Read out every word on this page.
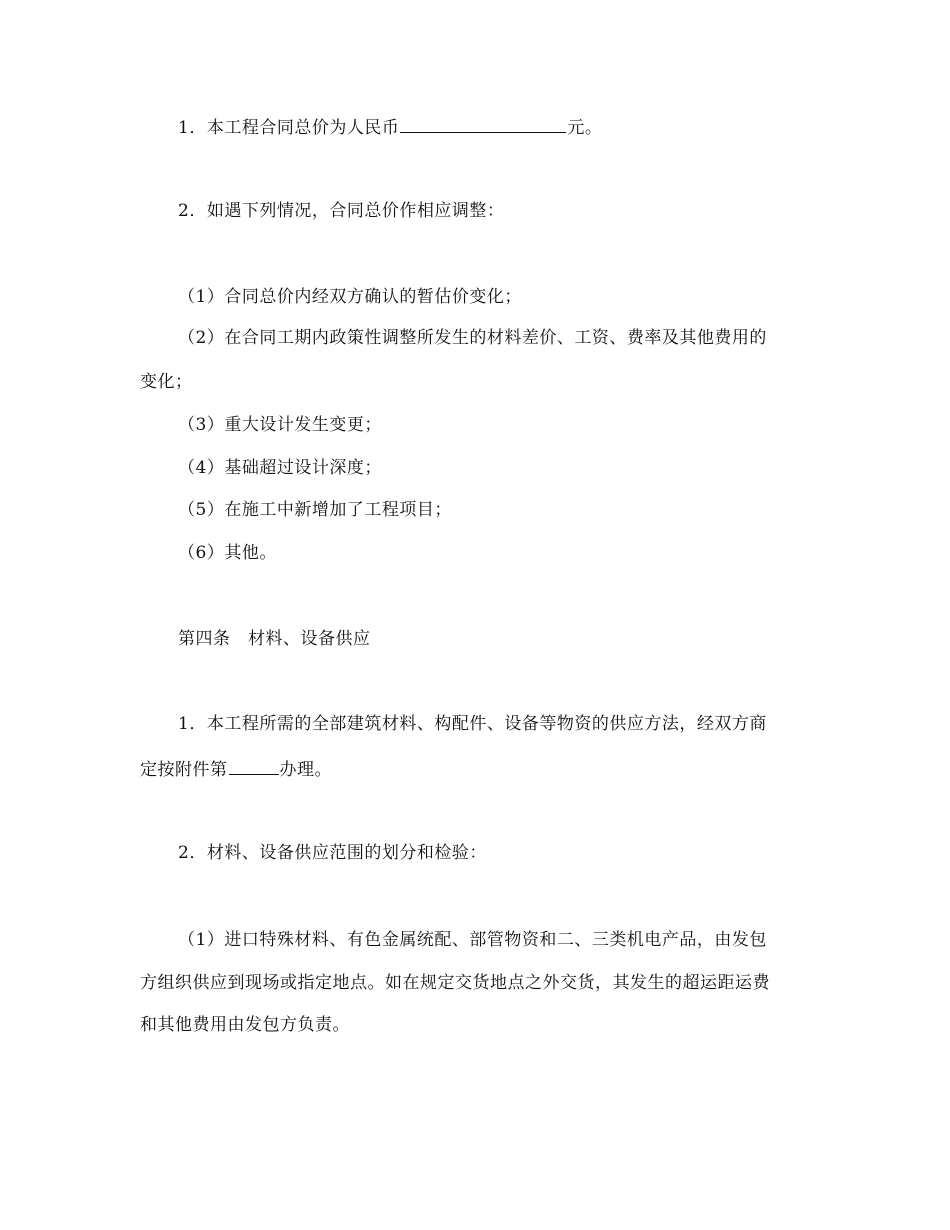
1．本工程合同总价为人民币	元。
2．如遇下列情况，合同总价作相应调整：
（1）合同总价内经双方确认的暂估价变化；
（2）在合同工期内政策性调整所发生的材料差价、工资、费率及其他费用的
变化；
（3）重大设计发生变更；
（4）基础超过设计深度；
（5）在施工中新增加了工程项目；
（6）其他。
第四条　材料、设备供应
1．本工程所需的全部建筑材料、构配件、设备等物资的供应方法，经双方商
定按附件第	办理。
2．材料、设备供应范围的划分和检验：
（1）进口特殊材料、有色金属统配、部管物资和二、三类机电产品，由发包
方组织供应到现场或指定地点。如在规定交货地点之外交货，其发生的超运距运费
和其他费用由发包方负责。
